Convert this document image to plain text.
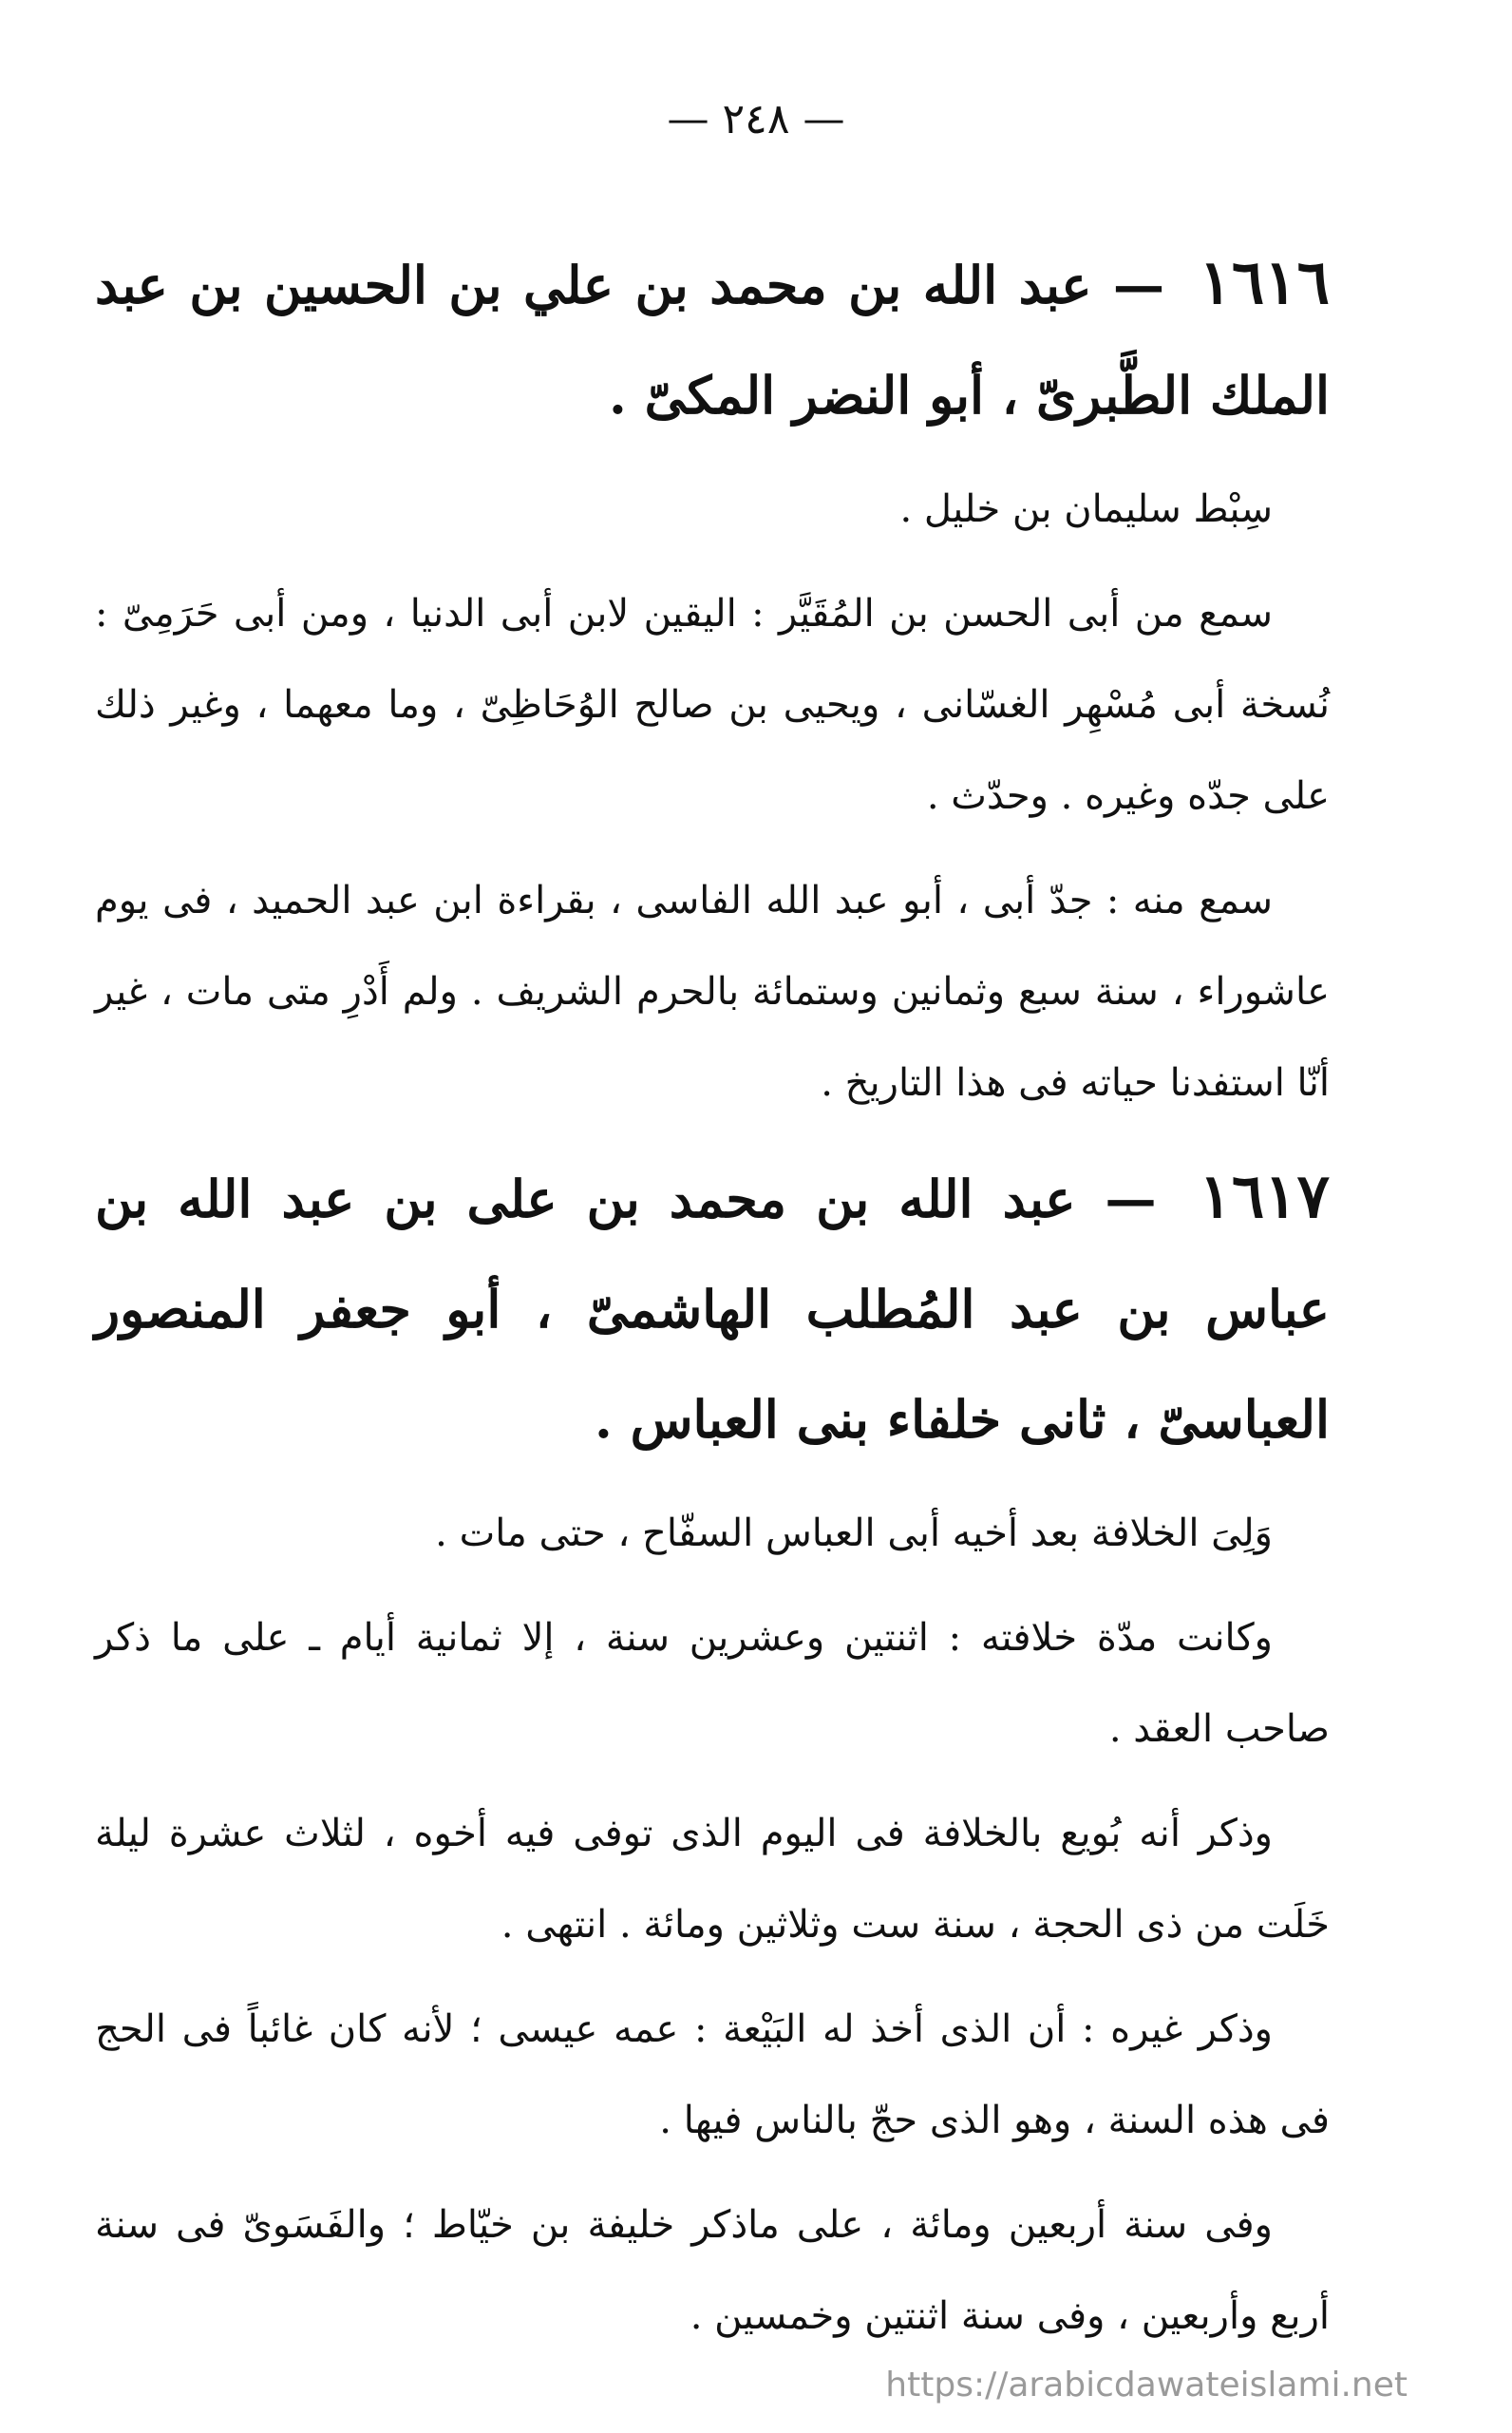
— ٢٤٨ —
١٦١٦ — عبد الله بن محمد بن علي بن الحسين بن عبد الملك الطَّبرىّ ، أبو النضر المكىّ .

سِبْط سليمان بن خليل .

سمع من أبى الحسن بن المُقَيَّر : اليقين لابن أبى الدنيا ، ومن أبى حَرَمِىّ : نُسخة أبى مُسْهِر الغسّانى ، ويحيى بن صالح الوُحَاظِىّ ، وما معهما ، وغير ذلك على جدّه وغيره . وحدّث .

سمع منه : جدّ أبى ، أبو عبد الله الفاسى ، بقراءة ابن عبد الحميد ، فى يوم عاشوراء ، سنة سبع وثمانين وستمائة بالحرم الشريف . ولم أَدْرِ متى مات ، غير أنّا استفدنا حياته فى هذا التاريخ .

١٦١٧ — عبد الله بن محمد بن على بن عبد الله بن عباس بن عبد المُطلب الهاشمىّ ، أبو جعفر المنصور العباسىّ ، ثانى خلفاء بنى العباس .

وَلِىَ الخلافة بعد أخيه أبى العباس السفّاح ، حتى مات .

وكانت مدّة خلافته : اثنتين وعشرين سنة ، إلا ثمانية أيام ـ على ما ذكر صاحب العقد .

وذكر أنه بُويع بالخلافة فى اليوم الذى توفى فيه أخوه ، لثلاث عشرة ليلة خَلَت من ذى الحجة ، سنة ست وثلاثين ومائة . انتهى .

وذكر غيره : أن الذى أخذ له البَيْعة : عمه عيسى ؛ لأنه كان غائباً فى الحج فى هذه السنة ، وهو الذى حجّ بالناس فيها .

وفى سنة أربعين ومائة ، على ماذكر خليفة بن خيّاط ؛ والفَسَوىّ فى سنة أربع وأربعين ، وفى سنة اثنتين وخمسين .

https://arabicdawateislami.net
